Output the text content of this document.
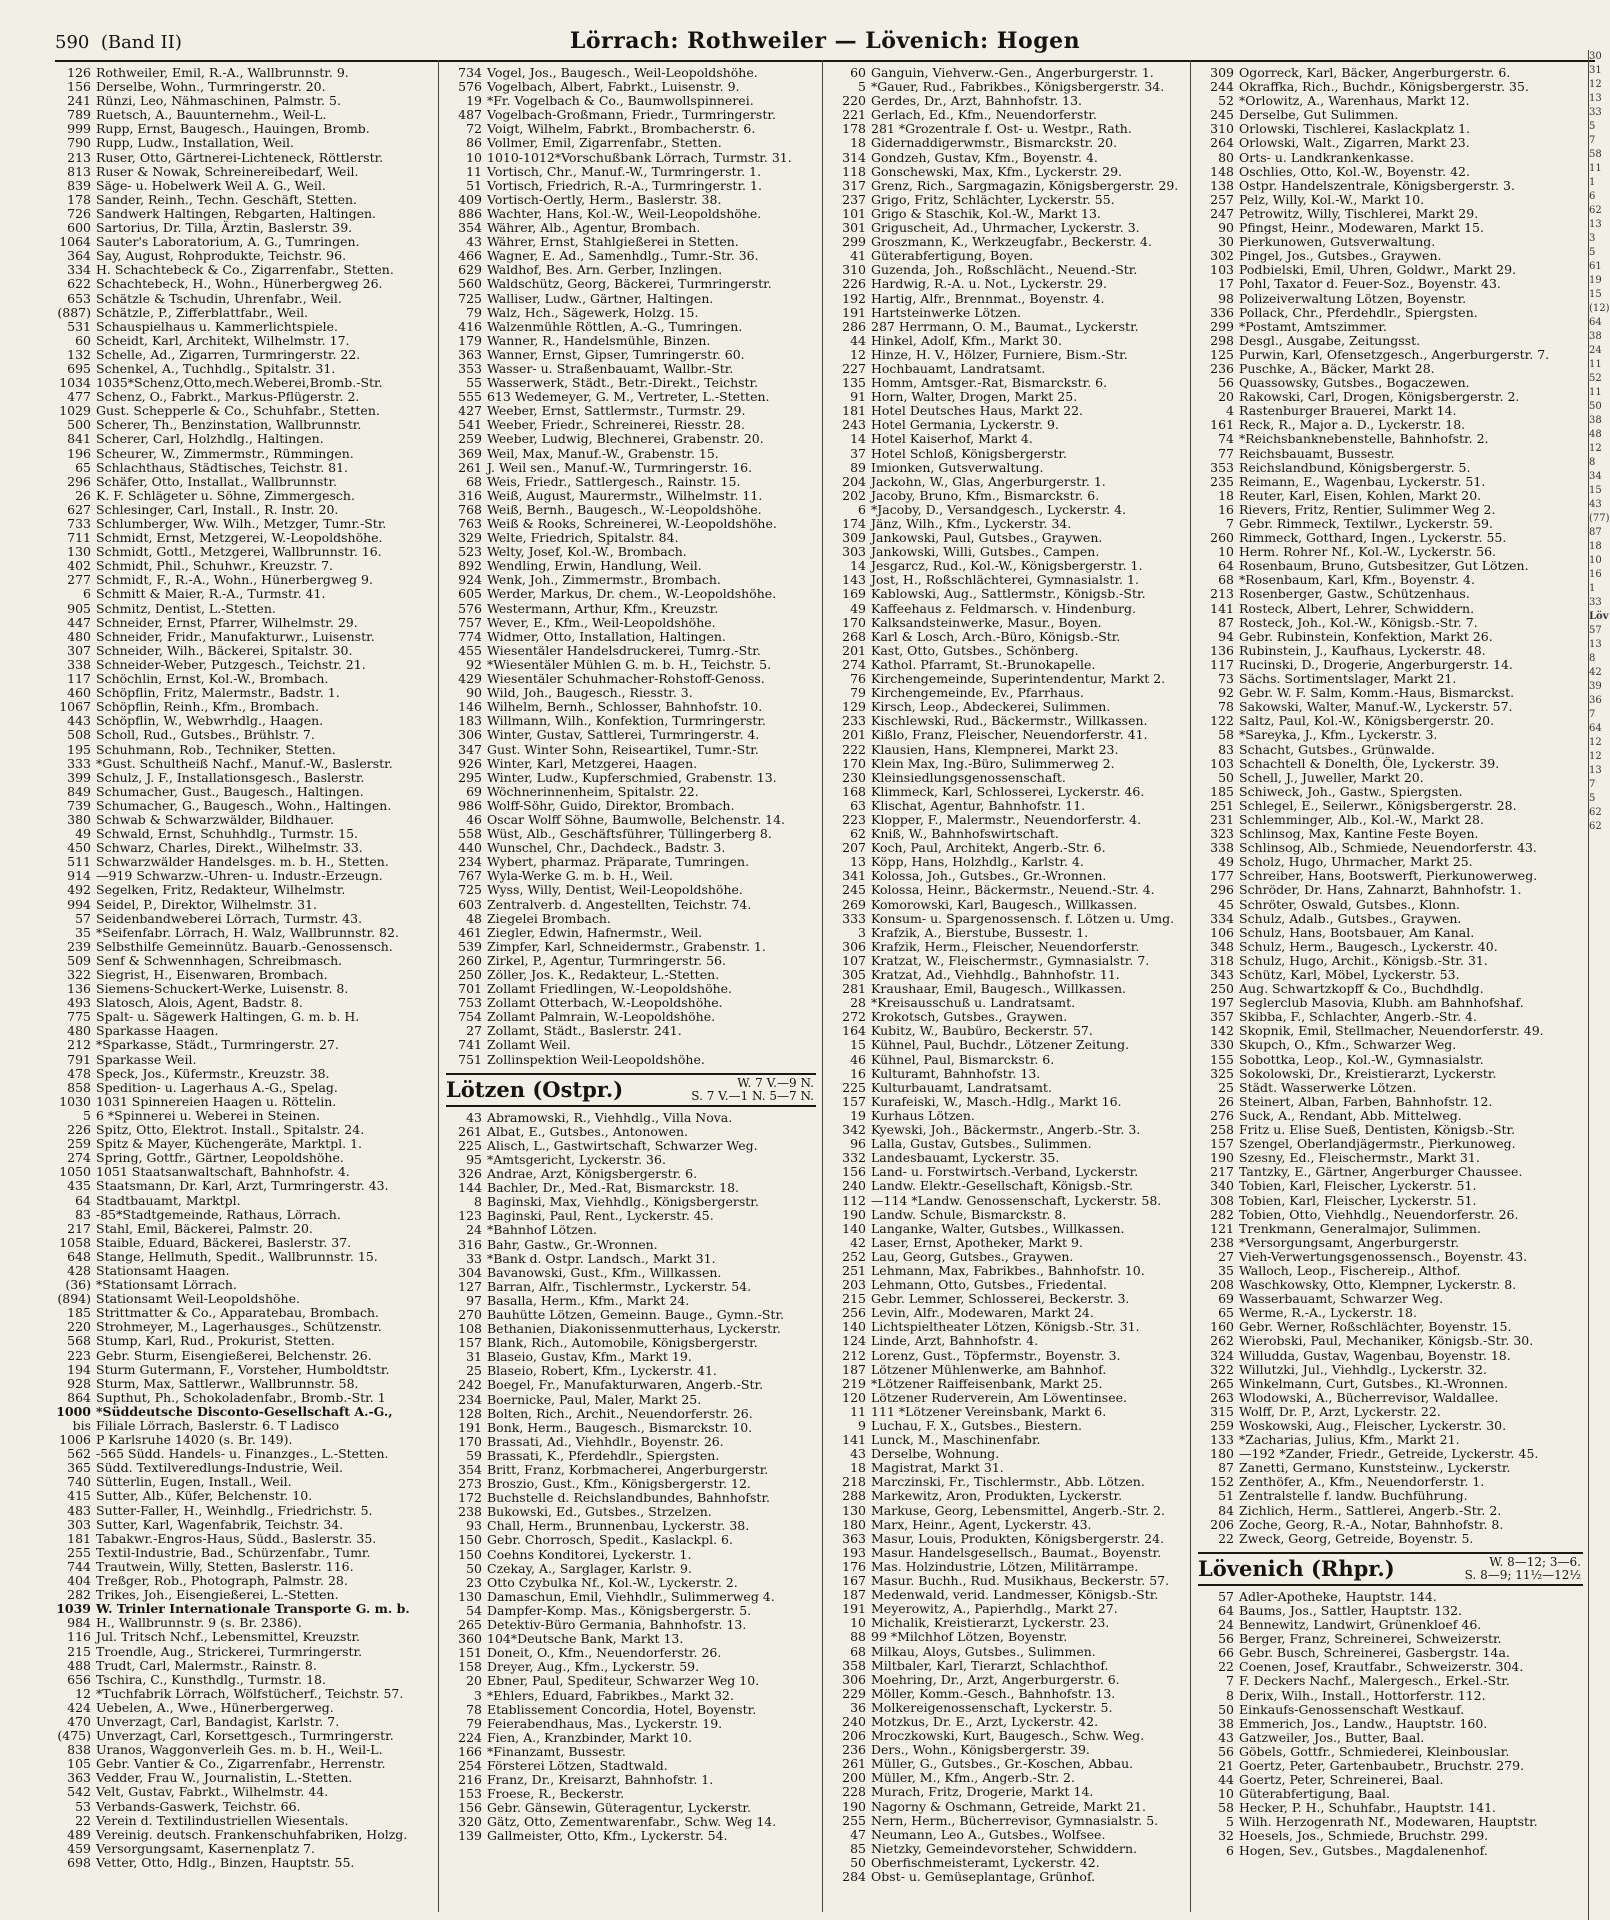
590 (Band II)	Lörrach: Rothweiler — Lövenich: Hogen
126 Rothweiler, Emil, R.-A., Wallbrunnstr. 9.
156 Derselbe, Wohn., Turmringerstr. 20.
241 Rünzi, Leo, Nähmaschinen, Palmstr. 5.
789 Ruetsch, A., Bauunternehm., Weil-L.
999 Rupp, Ernst, Baugesch., Hauingen, Bromb.
790 Rupp, Ludw., Installation, Weil.
213 Ruser, Otto, Gärtnerei-Lichteneck, Röttlerstr.
813 Ruser & Nowak, Schreinereibedarf, Weil.
839 Säge- u. Hobelwerk Weil A. G., Weil.
178 Sander, Reinh., Techn. Geschäft, Stetten.
726 Sandwerk Haltingen, Rebgarten, Haltingen.
600 Sartorius, Dr. Tilla, Ärztin, Baslerstr. 39.
1064 Sauter's Laboratorium, A. G., Tumringen.
364 Say, August, Rohprodukte, Teichstr. 96.
334 H. Schachtebeck & Co., Zigarrenfabr., Stetten.
622 Schachtebeck, H., Wohn., Hünerbergweg 26.
653 Schätzle & Tschudin, Uhrenfabr., Weil.
(887) Schätzle, P., Zifferblattfabr., Weil.
531 Schauspielhaus u. Kammerlichtspiele.
60 Scheidt, Karl, Architekt, Wilhelmstr. 17.
132 Schelle, Ad., Zigarren, Turmringerstr. 22.
695 Schenkel, A., Tuchhdlg., Spitalstr. 31.
1034 1035*Schenz,Otto,mech.Weberei,Bromb.-Str.
477 Schenz, O., Fabrkt., Markus-Pflügerstr. 2.
1029 Gust. Schepperle & Co., Schuhfabr., Stetten.
500 Scherer, Th., Benzinstation, Wallbrunnstr.
841 Scherer, Carl, Holzhdlg., Haltingen.
196 Scheurer, W., Zimmermstr., Rümmingen.
65 Schlachthaus, Städtisches, Teichstr. 81.
296 Schäfer, Otto, Installat., Wallbrunnstr.
26 K. F. Schlägeter u. Söhne, Zimmergesch.
627 Schlesinger, Carl, Install., R. Instr. 20.
733 Schlumberger, Ww. Wilh., Metzger, Tumr.-Str.
711 Schmidt, Ernst, Metzgerei, W.-Leopoldshöhe.
130 Schmidt, Gottl., Metzgerei, Wallbrunnstr. 16.
402 Schmidt, Phil., Schuhwr., Kreuzstr. 7.
277 Schmidt, F., R.-A., Wohn., Hünerbergweg 9.
6 Schmitt & Maier, R.-A., Turmstr. 41.
905 Schmitz, Dentist, L.-Stetten.
447 Schneider, Ernst, Pfarrer, Wilhelmstr. 29.
480 Schneider, Fridr., Manufakturwr., Luisenstr.
307 Schneider, Wilh., Bäckerei, Spitalstr. 30.
338 Schneider-Weber, Putzgesch., Teichstr. 21.
117 Schöchlin, Ernst, Kol.-W., Brombach.
460 Schöpflin, Fritz, Malermstr., Badstr. 1.
1067 Schöpflin, Reinh., Kfm., Brombach.
443 Schöpflin, W., Webwrhdlg., Haagen.
508 Scholl, Rud., Gutsbes., Brühlstr. 7.
195 Schuhmann, Rob., Techniker, Stetten.
333 *Gust. Schultheiß Nachf., Manuf.-W., Baslerstr.
399 Schulz, J. F., Installationsgesch., Baslerstr.
849 Schumacher, Gust., Baugesch., Haltingen.
739 Schumacher, G., Baugesch., Wohn., Haltingen.
380 Schwab & Schwarzwälder, Bildhauer.
49 Schwald, Ernst, Schuhhdlg., Turmstr. 15.
450 Schwarz, Charles, Direkt., Wilhelmstr. 33.
511 Schwarzwälder Handelsges. m. b. H., Stetten.
914 —919 Schwarzw.-Uhren- u. Industr.-Erzeugn.
492 Segelken, Fritz, Redakteur, Wilhelmstr.
994 Seidel, P., Direktor, Wilhelmstr. 31.
57 Seidenbandweberei Lörrach, Turmstr. 43.
35 *Seifenfabr. Lörrach, H. Walz, Wallbrunnstr. 82.
239 Selbsthilfe Gemeinnütz. Bauarb.-Genossensch.
509 Senf & Schwennhagen, Schreibmasch.
322 Siegrist, H., Eisenwaren, Brombach.
136 Siemens-Schuckert-Werke, Luisenstr. 8.
493 Slatosch, Alois, Agent, Badstr. 8.
775 Spalt- u. Sägewerk Haltingen, G. m. b. H.
480 Sparkasse Haagen.
212 *Sparkasse, Städt., Turmringerstr. 27.
791 Sparkasse Weil.
478 Speck, Jos., Küfermstr., Kreuzstr. 38.
858 Spedition- u. Lagerhaus A.-G., Spelag.
1030 1031 Spinnereien Haagen u. Röttelin.
5 6 *Spinnerei u. Weberei in Steinen.
226 Spitz, Otto, Elektrot. Install., Spitalstr. 24.
259 Spitz & Mayer, Küchengeräte, Marktpl. 1.
274 Spring, Gottfr., Gärtner, Leopoldshöhe.
1050 1051 Staatsanwaltschaft, Bahnhofstr. 4.
435 Staatsmann, Dr. Karl, Arzt, Turmringerstr. 43.
64 Stadtbauamt, Marktpl.
83 -85*Stadtgemeinde, Rathaus, Lörrach.
217 Stahl, Emil, Bäckerei, Palmstr. 20.
1058 Staible, Eduard, Bäckerei, Baslerstr. 37.
648 Stange, Hellmuth, Spedit., Wallbrunnstr. 15.
428 Stationsamt Haagen.
(36) *Stationsamt Lörrach.
(894) Stationsamt Weil-Leopoldshöhe.
185 Strittmatter & Co., Apparatebau, Brombach.
220 Strohmeyer, M., Lagerhausges., Schützenstr.
568 Stump, Karl, Rud., Prokurist, Stetten.
223 Gebr. Sturm, Eisengießerei, Belchenstr. 26.
194 Sturm Gutermann, F., Vorsteher, Humboldtstr.
928 Sturm, Max, Sattlerwr., Wallbrunnstr. 58.
864 Supthut, Ph., Schokoladenfabr., Bromb.-Str. 1
1000 *Süddeutsche Disconto-Gesellschaft A.-G.,
bis Filiale Lörrach, Baslerstr. 6. T Ladisco
1006 P Karlsruhe 14020 (s. Br. 149).
562 -565 Südd. Handels- u. Finanzges., L.-Stetten.
365 Südd. Textilveredlungs-Industrie, Weil.
740 Sütterlin, Eugen, Install., Weil.
415 Sutter, Alb., Küfer, Belchenstr. 10.
483 Sutter-Faller, H., Weinhdlg., Friedrichstr. 5.
303 Sutter, Karl, Wagenfabrik, Teichstr. 34.
181 Tabakwr.-Engros-Haus, Südd., Baslerstr. 35.
255 Textil-Industrie, Bad., Schürzenfabr., Tumr.
744 Trautwein, Willy, Stetten, Baslerstr. 116.
404 Treßger, Rob., Photograph, Palmstr. 28.
282 Trikes, Joh., Eisengießerei, L.-Stetten.
1039 W. Trinler Internationale Transporte G. m. b.
984 H., Wallbrunnstr. 9 (s. Br. 2386).
116 Jul. Tritsch Nchf., Lebensmittel, Kreuzstr.
215 Troendle, Aug., Strickerei, Turmringerstr.
488 Trudt, Carl, Malermstr., Rainstr. 8.
656 Tschira, C., Kunsthdlg., Turmstr. 18.
12 *Tuchfabrik Lörrach, Wölfstücherf., Teichstr. 57.
424 Uebelen, A., Wwe., Hünerbergerweg.
470 Unverzagt, Carl, Bandagist, Karlstr. 7.
(475) Unverzagt, Carl, Korsettgesch., Turmringerstr.
838 Uranos, Waggonverleih Ges. m. b. H., Weil-L.
105 Gebr. Vantier & Co., Zigarrenfabr., Herrenstr.
363 Vedder, Frau W., Journalistin, L.-Stetten.
542 Velt, Gustav, Fabrkt., Wilhelmstr. 44.
53 Verbands-Gaswerk, Teichstr. 66.
22 Verein d. Textilindustriellen Wiesentals.
489 Vereinig. deutsch. Frankenschuhfabriken, Holzg.
459 Versorgungsamt, Kasernenplatz 7.
698 Vetter, Otto, Hdlg., Binzen, Hauptstr. 55.
734 Vogel, Jos., Baugesch., Weil-Leopoldshöhe.
576 Vogelbach, Albert, Fabrkt., Luisenstr. 9.
19 *Fr. Vogelbach & Co., Baumwollspinnerei.
487 Vogelbach-Großmann, Friedr., Turmringerstr.
72 Voigt, Wilhelm, Fabrkt., Brombacherstr. 6.
86 Vollmer, Emil, Zigarrenfabr., Stetten.
10 1010-1012*Vorschußbank Lörrach, Turmstr. 31.
11 Vortisch, Chr., Manuf.-W., Turmringerstr. 1.
51 Vortisch, Friedrich, R.-A., Turmringerstr. 1.
409 Vortisch-Oertly, Herm., Baslerstr. 38.
886 Wachter, Hans, Kol.-W., Weil-Leopoldshöhe.
354 Währer, Alb., Agentur, Brombach.
43 Währer, Ernst, Stahlgießerei in Stetten.
466 Wagner, E. Ad., Samenhdlg., Tumr.-Str. 36.
629 Waldhof, Bes. Arn. Gerber, Inzlingen.
560 Waldschütz, Georg, Bäckerei, Turmringerstr.
725 Walliser, Ludw., Gärtner, Haltingen.
79 Walz, Hch., Sägewerk, Holzg. 15.
416 Walzenmühle Röttlen, A.-G., Tumringen.
179 Wanner, R., Handelsmühle, Binzen.
363 Wanner, Ernst, Gipser, Tumringerstr. 60.
353 Wasser- u. Straßenbauamt, Wallbr.-Str.
55 Wasserwerk, Städt., Betr.-Direkt., Teichstr.
555 613 Wedemeyer, G. M., Vertreter, L.-Stetten.
427 Weeber, Ernst, Sattlermstr., Turmstr. 29.
541 Weeber, Friedr., Schreinerei, Riesstr. 28.
259 Weeber, Ludwig, Blechnerei, Grabenstr. 20.
369 Weil, Max, Manuf.-W., Grabenstr. 15.
261 J. Weil sen., Manuf.-W., Turmringerstr. 16.
68 Weis, Friedr., Sattlergesch., Rainstr. 15.
316 Weiß, August, Maurermstr., Wilhelmstr. 11.
768 Weiß, Bernh., Baugesch., W.-Leopoldshöhe.
763 Weiß & Rooks, Schreinerei, W.-Leopoldshöhe.
329 Welte, Friedrich, Spitalstr. 84.
523 Welty, Josef, Kol.-W., Brombach.
892 Wendling, Erwin, Handlung, Weil.
924 Wenk, Joh., Zimmermstr., Brombach.
605 Werder, Markus, Dr. chem., W.-Leopoldshöhe.
576 Westermann, Arthur, Kfm., Kreuzstr.
757 Wever, E., Kfm., Weil-Leopoldshöhe.
774 Widmer, Otto, Installation, Haltingen.
455 Wiesentäler Handelsdruckerei, Tumrg.-Str.
92 *Wiesentäler Mühlen G. m. b. H., Teichstr. 5.
429 Wiesentäler Schuhmacher-Rohstoff-Genoss.
90 Wild, Joh., Baugesch., Riesstr. 3.
146 Wilhelm, Bernh., Schlosser, Bahnhofstr. 10.
183 Willmann, Wilh., Konfektion, Turmringerstr.
306 Winter, Gustav, Sattlerei, Turmringerstr. 4.
347 Gust. Winter Sohn, Reiseartikel, Tumr.-Str.
926 Winter, Karl, Metzgerei, Haagen.
295 Winter, Ludw., Kupferschmied, Grabenstr. 13.
69 Wöchnerinnenheim, Spitalstr. 22.
986 Wolff-Söhr, Guido, Direktor, Brombach.
46 Oscar Wolff Söhne, Baumwolle, Belchenstr. 14.
558 Wüst, Alb., Geschäftsführer, Tüllingerberg 8.
440 Wunschel, Chr., Dachdeck., Badstr. 3.
234 Wybert, pharmaz. Präparate, Tumringen.
767 Wyla-Werke G. m. b. H., Weil.
725 Wyss, Willy, Dentist, Weil-Leopoldshöhe.
603 Zentralverb. d. Angestellten, Teichstr. 74.
48 Ziegelei Brombach.
461 Ziegler, Edwin, Hafnermstr., Weil.
539 Zimpfer, Karl, Schneidermstr., Grabenstr. 1.
260 Zirkel, P., Agentur, Turmringerstr. 56.
250 Zöller, Jos. K., Redakteur, L.-Stetten.
701 Zollamt Friedlingen, W.-Leopoldshöhe.
753 Zollamt Otterbach, W.-Leopoldshöhe.
754 Zollamt Palmrain, W.-Leopoldshöhe.
27 Zollamt, Städt., Baslerstr. 241.
741 Zollamt Weil.
751 Zollinspektion Weil-Leopoldshöhe.
Lötzen (Ostpr.)	W. 7 V.—9 N.
S. 7 V.—1 N. 5—7 N.
43 Abramowski, R., Viehhdlg., Villa Nova.
261 Albat, E., Gutsbes., Antonowen.
225 Alisch, L., Gastwirtschaft, Schwarzer Weg.
95 *Amtsgericht, Lyckerstr. 36.
326 Andrae, Arzt, Königsbergerstr. 6.
144 Bachler, Dr., Med.-Rat, Bismarckstr. 18.
8 Baginski, Max, Viehhdlg., Königsbergerstr.
123 Baginski, Paul, Rent., Lyckerstr. 45.
24 *Bahnhof Lötzen.
316 Bahr, Gastw., Gr.-Wronnen.
33 *Bank d. Ostpr. Landsch., Markt 31.
304 Bavanowski, Gust., Kfm., Willkassen.
127 Barran, Alfr., Tischlermstr., Lyckerstr. 54.
97 Basalla, Herm., Kfm., Markt 24.
270 Bauhütte Lötzen, Gemeinn. Bauge., Gymn.-Str.
108 Bethanien, Diakonissenmutterhaus, Lyckerstr.
157 Blank, Rich., Automobile, Königsbergerstr.
31 Blaseio, Gustav, Kfm., Markt 19.
25 Blaseio, Robert, Kfm., Lyckerstr. 41.
242 Boegel, Fr., Manufakturwaren, Angerb.-Str.
234 Boernicke, Paul, Maler, Markt 25.
128 Bolten, Rich., Archit., Neuendorferstr. 26.
191 Bonk, Herm., Baugesch., Bismarckstr. 10.
170 Brassati, Ad., Viehhdlr., Boyenstr. 26.
59 Brassati, K., Pferdehdlr., Spiergsten.
354 Britt, Franz, Korbmacherei, Angerburgerstr.
273 Broszio, Gust., Kfm., Königsbergerstr. 12.
172 Buchstelle d. Reichslandbundes, Bahnhofstr.
238 Bukowski, Ed., Gutsbes., Strzelzen.
93 Chall, Herm., Brunnenbau, Lyckerstr. 38.
150 Gebr. Chorrosch, Spedit., Kaslackpl. 6.
150 Coehns Konditorei, Lyckerstr. 1.
50 Czekay, A., Sarglager, Karlstr. 9.
23 Otto Czybulka Nf., Kol.-W., Lyckerstr. 2.
130 Damaschun, Emil, Viehhdlr., Sulimmerweg 4.
54 Dampfer-Komp. Mas., Königsbergerstr. 5.
265 Detektiv-Büro Germania, Bahnhofstr. 13.
360 104*Deutsche Bank, Markt 13.
151 Doneit, O., Kfm., Neuendorferstr. 26.
158 Dreyer, Aug., Kfm., Lyckerstr. 59.
20 Ebner, Paul, Spediteur, Schwarzer Weg 10.
3 *Ehlers, Eduard, Fabrikbes., Markt 32.
78 Etablissement Concordia, Hotel, Boyenstr.
79 Feierabendhaus, Mas., Lyckerstr. 19.
224 Fien, A., Kranzbinder, Markt 10.
166 *Finanzamt, Bussestr.
254 Försterei Lötzen, Stadtwald.
216 Franz, Dr., Kreisarzt, Bahnhofstr. 1.
153 Froese, R., Beckerstr.
156 Gebr. Gänsewin, Güteragentur, Lyckerstr.
320 Gätz, Otto, Zementwarenfabr., Schw. Weg 14.
139 Gallmeister, Otto, Kfm., Lyckerstr. 54.
60 Ganguin, Viehverw.-Gen., Angerburgerstr. 1.
5 *Gauer, Rud., Fabrikbes., Königsbergerstr. 34.
220 Gerdes, Dr., Arzt, Bahnhofstr. 13.
221 Gerlach, Ed., Kfm., Neuendorferstr.
178 281 *Grozentrale f. Ost- u. Westpr., Rath.
18 Gidernaddigerwmstr., Bismarckstr. 20.
314 Gondzeh, Gustav, Kfm., Boyenstr. 4.
118 Gonschewski, Max, Kfm., Lyckerstr. 29.
317 Grenz, Rich., Sargmagazin, Königsbergerstr. 29.
237 Grigo, Fritz, Schlächter, Lyckerstr. 55.
101 Grigo & Staschik, Kol.-W., Markt 13.
301 Griguscheit, Ad., Uhrmacher, Lyckerstr. 3.
299 Groszmann, K., Werkzeugfabr., Beckerstr. 4.
41 Güterabfertigung, Boyen.
310 Guzenda, Joh., Roßschlächt., Neuend.-Str.
226 Hardwig, R.-A. u. Not., Lyckerstr. 29.
192 Hartig, Alfr., Brennmat., Boyenstr. 4.
191 Hartsteinwerke Lötzen.
286 287 Herrmann, O. M., Baumat., Lyckerstr.
44 Hinkel, Adolf, Kfm., Markt 30.
12 Hinze, H. V., Hölzer, Furniere, Bism.-Str.
227 Hochbauamt, Landratsamt.
135 Homm, Amtsger.-Rat, Bismarckstr. 6.
91 Horn, Walter, Drogen, Markt 25.
181 Hotel Deutsches Haus, Markt 22.
243 Hotel Germania, Lyckerstr. 9.
14 Hotel Kaiserhof, Markt 4.
37 Hotel Schloß, Königsbergerstr.
89 Imionken, Gutsverwaltung.
204 Jackohn, W., Glas, Angerburgerstr. 1.
202 Jacoby, Bruno, Kfm., Bismarckstr. 6.
6 *Jacoby, D., Versandgesch., Lyckerstr. 4.
174 Jänz, Wilh., Kfm., Lyckerstr. 34.
309 Jankowski, Paul, Gutsbes., Graywen.
303 Jankowski, Willi, Gutsbes., Campen.
14 Jesgarcz, Rud., Kol.-W., Königsbergerstr. 1.
143 Jost, H., Roßschlächterei, Gymnasialstr. 1.
169 Kablowski, Aug., Sattlermstr., Königsb.-Str.
49 Kaffeehaus z. Feldmarsch. v. Hindenburg.
170 Kalksandsteinwerke, Masur., Boyen.
268 Karl & Losch, Arch.-Büro, Königsb.-Str.
201 Kast, Otto, Gutsbes., Schönberg.
274 Kathol. Pfarramt, St.-Brunokapelle.
76 Kirchengemeinde, Superintendentur, Markt 2.
79 Kirchengemeinde, Ev., Pfarrhaus.
129 Kirsch, Leop., Abdeckerei, Sulimmen.
233 Kischlewski, Rud., Bäckermstr., Willkassen.
201 Kißlo, Franz, Fleischer, Neuendorferstr. 41.
222 Klausien, Hans, Klempnerei, Markt 23.
170 Klein Max, Ing.-Büro, Sulimmerweg 2.
230 Kleinsiedlungsgenossenschaft.
168 Klimmeck, Karl, Schlosserei, Lyckerstr. 46.
63 Klischat, Agentur, Bahnhofstr. 11.
223 Klopper, F., Malermstr., Neuendorferstr. 4.
62 Kniß, W., Bahnhofswirtschaft.
207 Koch, Paul, Architekt, Angerb.-Str. 6.
13 Köpp, Hans, Holzhdlg., Karlstr. 4.
341 Kolossa, Joh., Gutsbes., Gr.-Wronnen.
245 Kolossa, Heinr., Bäckermstr., Neuend.-Str. 4.
269 Komorowski, Karl, Baugesch., Willkassen.
333 Konsum- u. Spargenossensch. f. Lötzen u. Umg.
3 Krafzik, A., Bierstube, Bussestr. 1.
306 Krafzik, Herm., Fleischer, Neuendorferstr.
107 Kratzat, W., Fleischermstr., Gymnasialstr. 7.
305 Kratzat, Ad., Viehhdlg., Bahnhofstr. 11.
281 Kraushaar, Emil, Baugesch., Willkassen.
28 *Kreisausschuß u. Landratsamt.
272 Krokotsch, Gutsbes., Graywen.
164 Kubitz, W., Baubüro, Beckerstr. 57.
15 Kühnel, Paul, Buchdr., Lötzener Zeitung.
46 Kühnel, Paul, Bismarckstr. 6.
16 Kulturamt, Bahnhofstr. 13.
225 Kulturbauamt, Landratsamt.
157 Kurafeiski, W., Masch.-Hdlg., Markt 16.
19 Kurhaus Lötzen.
342 Kyewski, Joh., Bäckermstr., Angerb.-Str. 3.
96 Lalla, Gustav, Gutsbes., Sulimmen.
332 Landesbauamt, Lyckerstr. 35.
156 Land- u. Forstwirtsch.-Verband, Lyckerstr.
240 Landw. Elektr.-Gesellschaft, Königsb.-Str.
112 —114 *Landw. Genossenschaft, Lyckerstr. 58.
190 Landw. Schule, Bismarckstr. 8.
140 Langanke, Walter, Gutsbes., Willkassen.
42 Laser, Ernst, Apotheker, Markt 9.
252 Lau, Georg, Gutsbes., Graywen.
251 Lehmann, Max, Fabrikbes., Bahnhofstr. 10.
203 Lehmann, Otto, Gutsbes., Friedental.
215 Gebr. Lemmer, Schlosserei, Beckerstr. 3.
256 Levin, Alfr., Modewaren, Markt 24.
140 Lichtspieltheater Lötzen, Königsb.-Str. 31.
124 Linde, Arzt, Bahnhofstr. 4.
212 Lorenz, Gust., Töpfermstr., Boyenstr. 3.
187 Lötzener Mühlenwerke, am Bahnhof.
219 *Lötzener Raiffeisenbank, Markt 25.
120 Lötzener Ruderverein, Am Löwentinsee.
11 111 *Lötzener Vereinsbank, Markt 6.
9 Luchau, F. X., Gutsbes., Biestern.
141 Lunck, M., Maschinenfabr.
43 Derselbe, Wohnung.
18 Magistrat, Markt 31.
218 Marczinski, Fr., Tischlermstr., Abb. Lötzen.
288 Markewitz, Aron, Produkten, Lyckerstr.
130 Markuse, Georg, Lebensmittel, Angerb.-Str. 2.
180 Marx, Heinr., Agent, Lyckerstr. 43.
363 Masur, Louis, Produkten, Königsbergerstr. 24.
193 Masur. Handelsgesellsch., Baumat., Boyenstr.
176 Mas. Holzindustrie, Lötzen, Militärrampe.
167 Masur. Buchh., Rud. Musikhaus, Beckerstr. 57.
187 Medenwald, verid. Landmesser, Königsb.-Str.
191 Meyerowitz, A., Papierhdlg., Markt 27.
10 Michalik, Kreistierarzt, Lyckerstr. 23.
88 99 *Milchhof Lötzen, Boyenstr.
68 Milkau, Aloys, Gutsbes., Sulimmen.
358 Miltbaler, Karl, Tierarzt, Schlachthof.
306 Moehring, Dr., Arzt, Angerburgerstr. 6.
229 Möller, Komm.-Gesch., Bahnhofstr. 13.
36 Molkereigenossenschaft, Lyckerstr. 5.
240 Motzkus, Dr. E., Arzt, Lyckerstr. 42.
206 Mroczkowski, Kurt, Baugesch., Schw. Weg.
236 Ders., Wohn., Königsbergerstr. 39.
261 Müller, G., Gutsbes., Gr.-Koschen, Abbau.
200 Müller, M., Kfm., Angerb.-Str. 2.
228 Murach, Fritz, Drogerie, Markt 14.
190 Nagorny & Oschmann, Getreide, Markt 21.
255 Nern, Herm., Bücherrevisor, Gymnasialstr. 5.
47 Neumann, Leo A., Gutsbes., Wolfsee.
85 Nietzky, Gemeindevorsteher, Schwiddern.
50 Oberfischmeisteramt, Lyckerstr. 42.
284 Obst- u. Gemüseplantage, Grünhof.
309 Ogorreck, Karl, Bäcker, Angerburgerstr. 6.
244 Okraffka, Rich., Buchdr., Königsbergerstr. 35.
52 *Orlowitz, A., Warenhaus, Markt 12.
245 Derselbe, Gut Sulimmen.
310 Orlowski, Tischlerei, Kaslackplatz 1.
264 Orlowski, Walt., Zigarren, Markt 23.
80 Orts- u. Landkrankenkasse.
148 Oschlies, Otto, Kol.-W., Boyenstr. 42.
138 Ostpr. Handelszentrale, Königsbergerstr. 3.
257 Pelz, Willy, Kol.-W., Markt 10.
247 Petrowitz, Willy, Tischlerei, Markt 29.
90 Pfingst, Heinr., Modewaren, Markt 15.
30 Pierkunowen, Gutsverwaltung.
302 Pingel, Jos., Gutsbes., Graywen.
103 Podbielski, Emil, Uhren, Goldwr., Markt 29.
17 Pohl, Taxator d. Feuer-Soz., Boyenstr. 43.
98 Polizeiverwaltung Lötzen, Boyenstr.
336 Pollack, Chr., Pferdehdlr., Spiergsten.
299 *Postamt, Amtszimmer.
298 Desgl., Ausgabe, Zeitungsst.
125 Purwin, Karl, Ofensetzgesch., Angerburgerstr. 7.
236 Puschke, A., Bäcker, Markt 28.
56 Quassowsky, Gutsbes., Bogaczewen.
20 Rakowski, Carl, Drogen, Königsbergerstr. 2.
4 Rastenburger Brauerei, Markt 14.
161 Reck, R., Major a. D., Lyckerstr. 18.
74 *Reichsbanknebenstelle, Bahnhofstr. 2.
77 Reichsbauamt, Bussestr.
353 Reichslandbund, Königsbergerstr. 5.
235 Reimann, E., Wagenbau, Lyckerstr. 51.
18 Reuter, Karl, Eisen, Kohlen, Markt 20.
16 Rievers, Fritz, Rentier, Sulimmer Weg 2.
7 Gebr. Rimmeck, Textilwr., Lyckerstr. 59.
260 Rimmeck, Gotthard, Ingen., Lyckerstr. 55.
10 Herm. Rohrer Nf., Kol.-W., Lyckerstr. 56.
64 Rosenbaum, Bruno, Gutsbesitzer, Gut Lötzen.
68 *Rosenbaum, Karl, Kfm., Boyenstr. 4.
213 Rosenberger, Gastw., Schützenhaus.
141 Rosteck, Albert, Lehrer, Schwiddern.
87 Rosteck, Joh., Kol.-W., Königsb.-Str. 7.
94 Gebr. Rubinstein, Konfektion, Markt 26.
136 Rubinstein, J., Kaufhaus, Lyckerstr. 48.
117 Rucinski, D., Drogerie, Angerburgerstr. 14.
73 Sächs. Sortimentslager, Markt 21.
92 Gebr. W. F. Salm, Komm.-Haus, Bismarckst.
78 Sakowski, Walter, Manuf.-W., Lyckerstr. 57.
122 Saltz, Paul, Kol.-W., Königsbergerstr. 20.
58 *Sareyka, J., Kfm., Lyckerstr. 3.
83 Schacht, Gutsbes., Grünwalde.
103 Schachtell & Donelth, Öle, Lyckerstr. 39.
50 Schell, J., Juweller, Markt 20.
185 Schiweck, Joh., Gastw., Spiergsten.
251 Schlegel, E., Seilerwr., Königsbergerstr. 28.
231 Schlemminger, Alb., Kol.-W., Markt 28.
323 Schlinsog, Max, Kantine Feste Boyen.
338 Schlinsog, Alb., Schmiede, Neuendorferstr. 43.
49 Scholz, Hugo, Uhrmacher, Markt 25.
177 Schreiber, Hans, Bootswerft, Pierkunowerweg.
296 Schröder, Dr. Hans, Zahnarzt, Bahnhofstr. 1.
45 Schröter, Oswald, Gutsbes., Klonn.
334 Schulz, Adalb., Gutsbes., Graywen.
106 Schulz, Hans, Bootsbauer, Am Kanal.
348 Schulz, Herm., Baugesch., Lyckerstr. 40.
318 Schulz, Hugo, Archit., Königsb.-Str. 31.
343 Schütz, Karl, Möbel, Lyckerstr. 53.
250 Aug. Schwartzkopff & Co., Buchdhdlg.
197 Seglerclub Masovia, Klubh. am Bahnhofshaf.
357 Skibba, F., Schlachter, Angerb.-Str. 4.
142 Skopnik, Emil, Stellmacher, Neuendorferstr. 49.
330 Skupch, O., Kfm., Schwarzer Weg.
155 Sobottka, Leop., Kol.-W., Gymnasialstr.
325 Sokolowski, Dr., Kreistierarzt, Lyckerstr.
25 Städt. Wasserwerke Lötzen.
26 Steinert, Alban, Farben, Bahnhofstr. 12.
276 Suck, A., Rendant, Abb. Mittelweg.
258 Fritz u. Elise Sueß, Dentisten, Königsb.-Str.
157 Szengel, Oberlandjägermstr., Pierkunoweg.
190 Szesny, Ed., Fleischermstr., Markt 31.
217 Tantzky, E., Gärtner, Angerburger Chaussee.
340 Tobien, Karl, Fleischer, Lyckerstr. 51.
308 Tobien, Karl, Fleischer, Lyckerstr. 51.
282 Tobien, Otto, Viehhdlg., Neuendorferstr. 26.
121 Trenkmann, Generalmajor, Sulimmen.
238 *Versorgungsamt, Angerburgerstr.
27 Vieh-Verwertungsgenossensch., Boyenstr. 43.
35 Walloch, Leop., Fischereip., Althof.
208 Waschkowsky, Otto, Klempner, Lyckerstr. 8.
69 Wasserbauamt, Schwarzer Weg.
65 Werme, R.-A., Lyckerstr. 18.
160 Gebr. Werner, Roßschlächter, Boyenstr. 15.
262 Wierobski, Paul, Mechaniker, Königsb.-Str. 30.
324 Willudda, Gustav, Wagenbau, Boyenstr. 18.
322 Willutzki, Jul., Viehhdlg., Lyckerstr. 32.
265 Winkelmann, Curt, Gutsbes., Kl.-Wronnen.
263 Wlodowski, A., Bücherrevisor, Waldallee.
315 Wolff, Dr. P., Arzt, Lyckerstr. 22.
259 Woskowski, Aug., Fleischer, Lyckerstr. 30.
133 *Zacharias, Julius, Kfm., Markt 21.
180 —192 *Zander, Friedr., Getreide, Lyckerstr. 45.
87 Zanetti, Germano, Kunststeinw., Lyckerstr.
152 Zenthöfer, A., Kfm., Neuendorferstr. 1.
51 Zentralstelle f. landw. Buchführung.
84 Zichlich, Herm., Sattlerei, Angerb.-Str. 2.
206 Zoche, Georg, R.-A., Notar, Bahnhofstr. 8.
22 Zweck, Georg, Getreide, Boyenstr. 5.
Lövenich (Rhpr.)	W. 8—12; 3—6.
S. 8—9; 11½—12½
57 Adler-Apotheke, Hauptstr. 144.
64 Baums, Jos., Sattler, Hauptstr. 132.
24 Bennewitz, Landwirt, Grünenkloef 46.
56 Berger, Franz, Schreinerei, Schweizerstr.
66 Gebr. Busch, Schreinerei, Gasbergstr. 14a.
22 Coenen, Josef, Krautfabr., Schweizerstr. 304.
7 F. Deckers Nachf., Malergesch., Erkel.-Str.
8 Derix, Wilh., Install., Hottorferstr. 112.
50 Einkaufs-Genossenschaft Westkauf.
38 Emmerich, Jos., Landw., Hauptstr. 160.
43 Gatzweiler, Jos., Butter, Baal.
56 Göbels, Gottfr., Schmiederei, Kleinbouslar.
21 Goertz, Peter, Gartenbaubetr., Bruchstr. 279.
44 Goertz, Peter, Schreinerei, Baal.
10 Güterabfertigung, Baal.
58 Hecker, P. H., Schuhfabr., Hauptstr. 141.
5 Wilh. Herzogenrath Nf., Modewaren, Hauptstr.
32 Hoesels, Jos., Schmiede, Bruchstr. 299.
6 Hogen, Sev., Gutsbes., Magdalenenhof.
30
31
12
13
33
5
7
58
11
1
6
62
13
3
5
61
19
15
(12)
64
38
24
11
52
11
50
38
48
12
8
34
15
43
(77)
87
18
10
16
1
33
Löv
57
13
8
42
39
36
7
64
12
12
13
7
5
62
62
